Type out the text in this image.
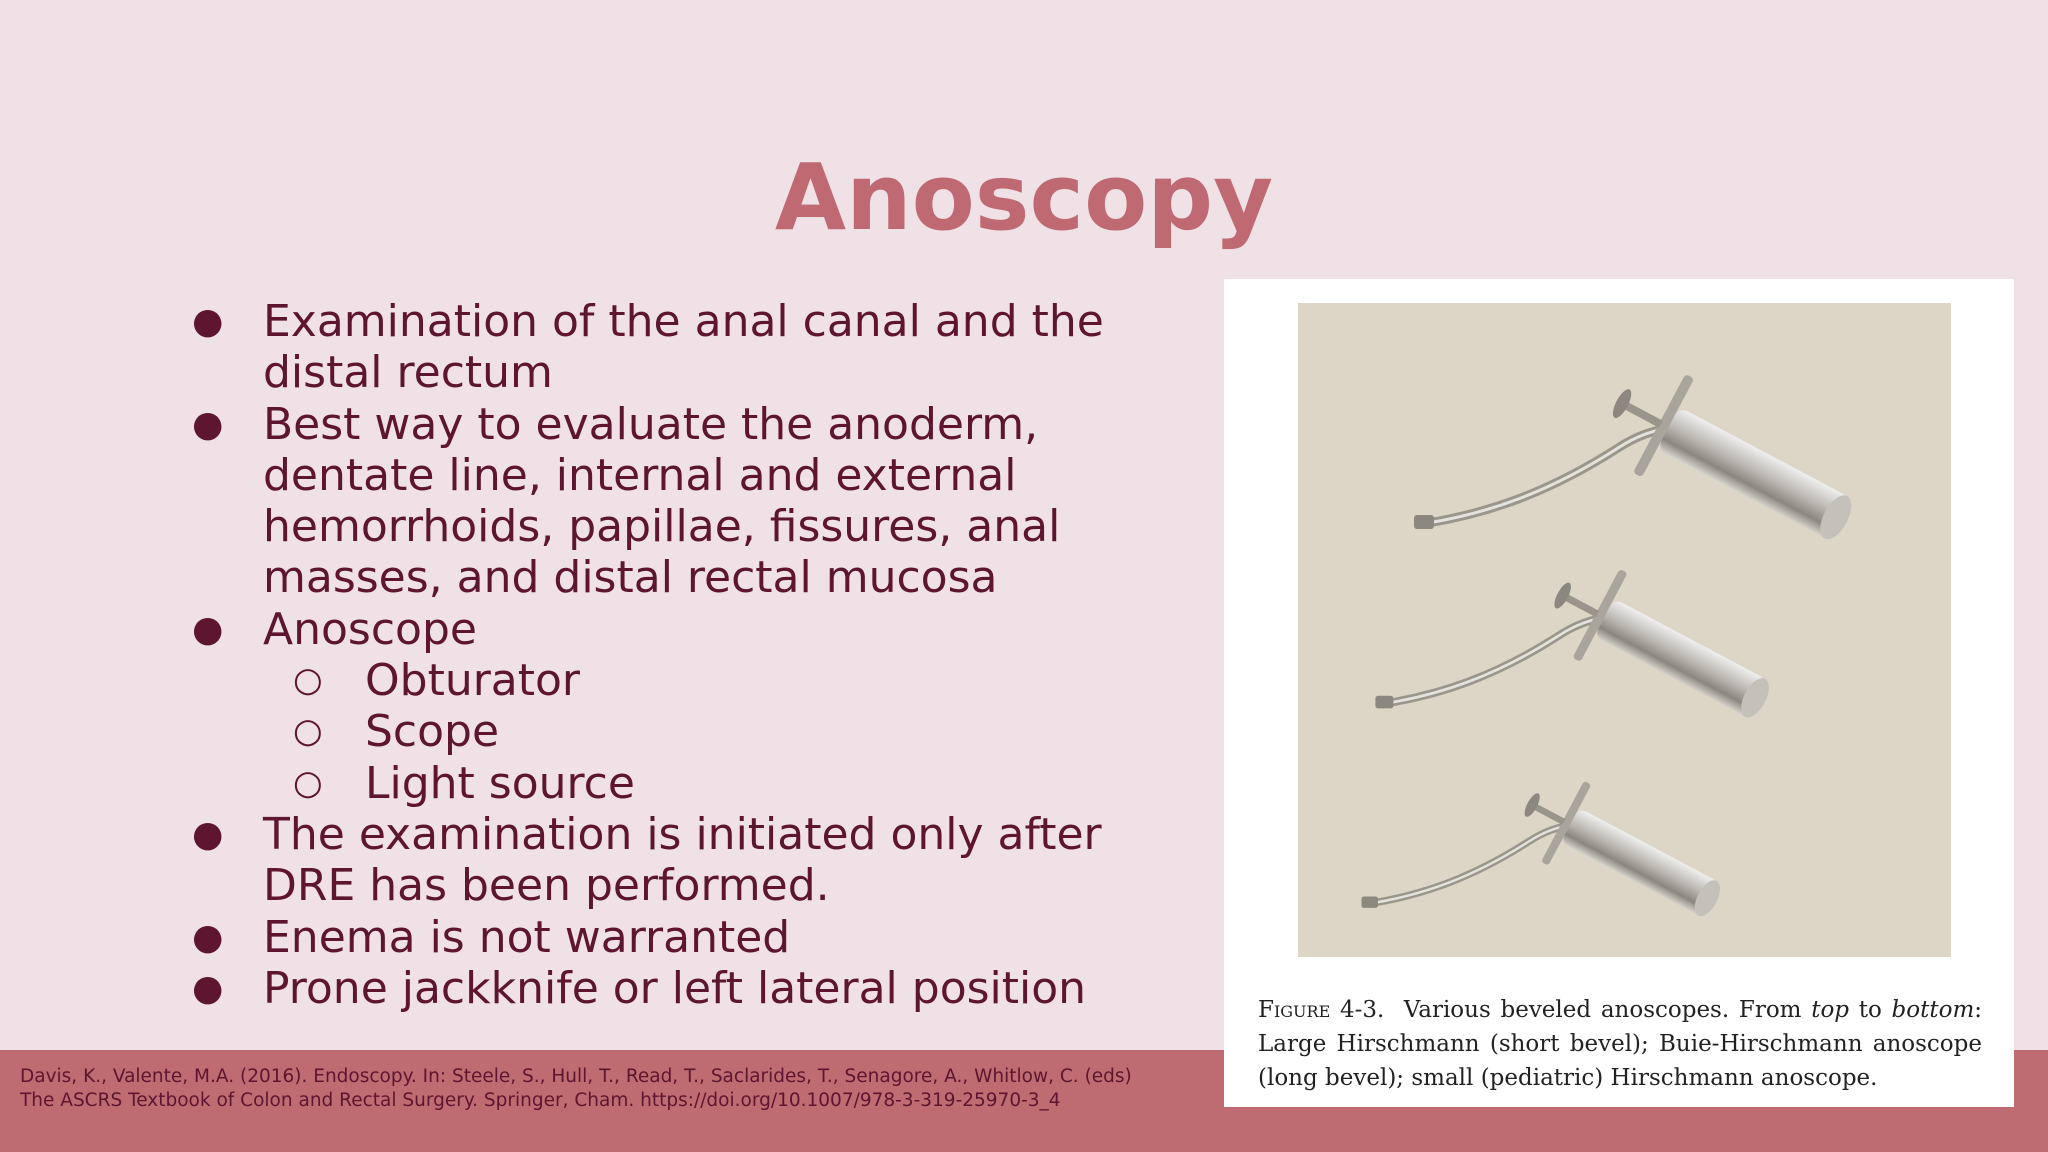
Anoscopy
● Examination of the anal canal and the distal rectum
● Best way to evaluate the anoderm, dentate line, internal and external hemorrhoids, papillae, fissures, anal masses, and distal rectal mucosa
● Anoscope
○ Obturator
○ Scope
○ Light source
● The examination is initiated only after DRE has been performed.
● Enema is not warranted
● Prone jackknife or left lateral position	Figure 4-3. Various beveled anoscopes. From top to bottom: Large Hirschmann (short bevel); Buie-Hirschmann anoscope (long bevel); small (pediatric) Hirschmann anoscope.
Davis, K., Valente, M.A. (2016). Endoscopy. In: Steele, S., Hull, T., Read, T., Saclarides, T., Senagore, A., Whitlow, C. (eds)
The ASCRS Textbook of Colon and Rectal Surgery. Springer, Cham. https://doi.org/10.1007/978-3-319-25970-3_4
